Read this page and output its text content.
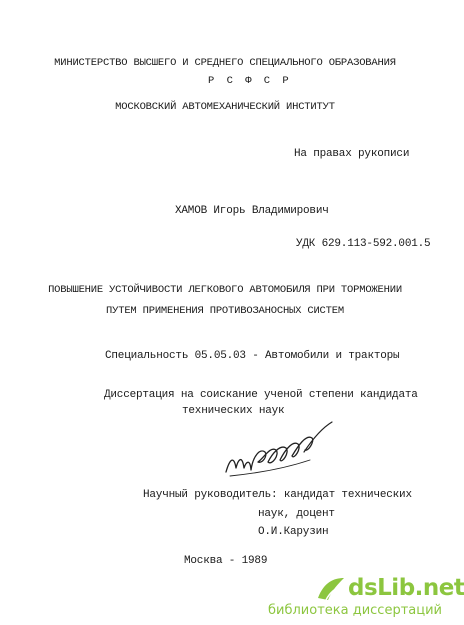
МИНИСТЕРСТВО ВЫСШЕГО И СРЕДНЕГО СПЕЦИАЛЬНОГО ОБРАЗОВАНИЯ
Р С Ф С Р
МОСКОВСКИЙ АВТОМЕХАНИЧЕСКИЙ ИНСТИТУТ
На правах рукописи
ХАМОВ Игорь Владимирович
УДК 629.113-592.001.5
ПОВЫШЕНИЕ УСТОЙЧИВОСТИ ЛЕГКОВОГО АВТОМОБИЛЯ ПРИ ТОРМОЖЕНИИ
ПУТЕМ ПРИМЕНЕНИЯ ПРОТИВОЗАНОСНЫХ СИСТЕМ
Специальность 05.05.03 - Автомобили и тракторы
Диссертация на соискание ученой степени кандидата
технических наук
Научный руководитель: кандидат технических
наук, доцент
О.И.Карузин
Москва - 1989
dsLib.net
библиотека диссертаций
